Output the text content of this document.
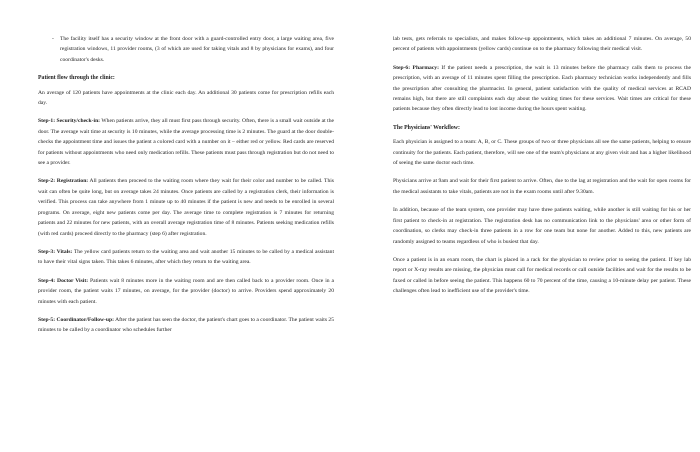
- The facility itself has a security window at the front door with a guard-controlled entry door, a large waiting area, five registration windows, 11 provider rooms, (3 of which are used for taking vitals and 8 by physicians for exams), and four coordinator's desks.
Patient flow through the clinic:
An average of 120 patients have appointments at the clinic each day. An additional 30 patients come for prescription refills each day.
Step-1: Security/check-in: When patients arrive, they all must first pass through security. Often, there is a small wait outside at the door. The average wait time at security is 10 minutes, while the average processing time is 2 minutes. The guard at the door double-checks the appointment time and issues the patient a colored card with a number on it – either red or yellow. Red cards are reserved for patients without appointments who need only medication refills. These patients must pass through registration but do not need to see a provider.
Step-2: Registration: All patients then proceed to the waiting room where they wait for their color and number to be called. This wait can often be quite long, but on average takes 24 minutes. Once patients are called by a registration clerk, their information is verified. This process can take anywhere from 1 minute up to 40 minutes if the patient is new and needs to be enrolled in several programs. On average, eight new patients come per day. The average time to complete registration is 7 minutes for returning patients and 22 minutes for new patients, with an overall average registration time of 8 minutes. Patients seeking medication refills (with red cards) proceed directly to the pharmacy (step 6) after registration.
Step-3: Vitals: The yellow card patients return to the waiting area and wait another 15 minutes to be called by a medical assistant to have their vital signs taken. This takes 6 minutes, after which they return to the waiting area.
Step-4: Doctor Visit: Patients wait 8 minutes more in the waiting room and are then called back to a provider room. Once in a provider room, the patient waits 17 minutes, on average, for the provider (doctor) to arrive. Providers spend approximately 20 minutes with each patient.
Step-5: Coordinator/Follow-up: After the patient has seen the doctor, the patient's chart goes to a coordinator. The patient waits 25 minutes to be called by a coordinator who schedules further
lab tests, gets referrals to specialists, and makes follow-up appointments, which takes an additional 7 minutes. On average, 50 percent of patients with appointments (yellow cards) continue on to the pharmacy following their medical visit.
Step-6: Pharmacy: If the patient needs a prescription, the wait is 13 minutes before the pharmacy calls them to process the prescription, with an average of 11 minutes spent filling the prescription. Each pharmacy technician works independently and fills the prescription after consulting the pharmacist. In general, patient satisfaction with the quality of medical services at RCAD remains high, but there are still complaints each day about the waiting times for these services. Wait times are critical for these patients because they often directly lead to lost income during the hours spent waiting.
The Physicians' Workflow:
Each physician is assigned to a team: A, B, or C. These groups of two or three physicians all see the same patients, helping to ensure continuity for the patients. Each patient, therefore, will see one of the team's physicians at any given visit and has a higher likelihood of seeing the same doctor each time.
Physicians arrive at 9am and wait for their first patient to arrive. Often, due to the lag at registration and the wait for open rooms for the medical assistants to take vitals, patients are not in the exam rooms until after 9.30am.
In addition, because of the team system, one provider may have three patients waiting, while another is still waiting for his or her first patient to check-in at registration. The registration desk has no communication link to the physicians' area or other form of coordination, so clerks may check-in three patients in a row for one team but none for another. Added to this, new patients are randomly assigned to teams regardless of who is busiest that day.
Once a patient is in an exam room, the chart is placed in a rack for the physician to review prior to seeing the patient. If key lab report or X-ray results are missing, the physician must call for medical records or call outside facilities and wait for the results to be faxed or called in before seeing the patient. This happens 60 to 70 percent of the time, causing a 10-minute delay per patient. These challenges often lead to inefficient use of the provider's time.
